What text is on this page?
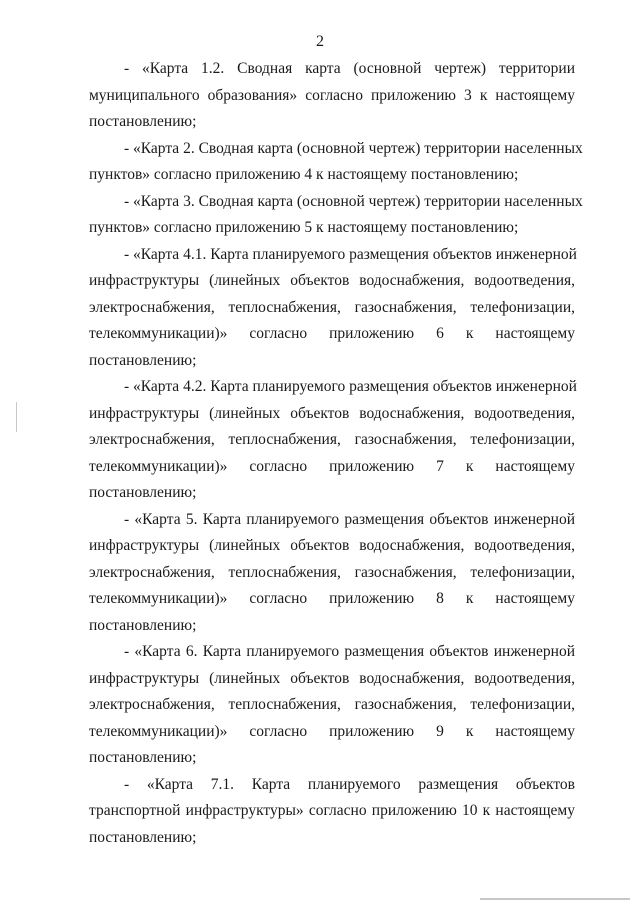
2
- «Карта 1.2. Сводная карта (основной чертеж) территории
муниципального образования» согласно приложению 3 к настоящему
постановлению;
- «Карта 2. Сводная карта (основной чертеж) территории населенных
пунктов» согласно приложению 4 к настоящему постановлению;
- «Карта 3. Сводная карта (основной чертеж) территории населенных
пунктов» согласно приложению 5 к настоящему постановлению;
- «Карта 4.1. Карта планируемого размещения объектов инженерной
инфраструктуры (линейных объектов водоснабжения, водоотведения,
электроснабжения, теплоснабжения, газоснабжения, телефонизации,
телекоммуникации)» согласно приложению 6 к настоящему
постановлению;
- «Карта 4.2. Карта планируемого размещения объектов инженерной
инфраструктуры (линейных объектов водоснабжения, водоотведения,
электроснабжения, теплоснабжения, газоснабжения, телефонизации,
телекоммуникации)» согласно приложению 7 к настоящему
постановлению;
- «Карта 5. Карта планируемого размещения объектов инженерной
инфраструктуры (линейных объектов водоснабжения, водоотведения,
электроснабжения, теплоснабжения, газоснабжения, телефонизации,
телекоммуникации)» согласно приложению 8 к настоящему
постановлению;
- «Карта 6. Карта планируемого размещения объектов инженерной
инфраструктуры (линейных объектов водоснабжения, водоотведения,
электроснабжения, теплоснабжения, газоснабжения, телефонизации,
телекоммуникации)» согласно приложению 9 к настоящему
постановлению;
- «Карта 7.1. Карта планируемого размещения объектов
транспортной инфраструктуры» согласно приложению 10 к настоящему
постановлению;
